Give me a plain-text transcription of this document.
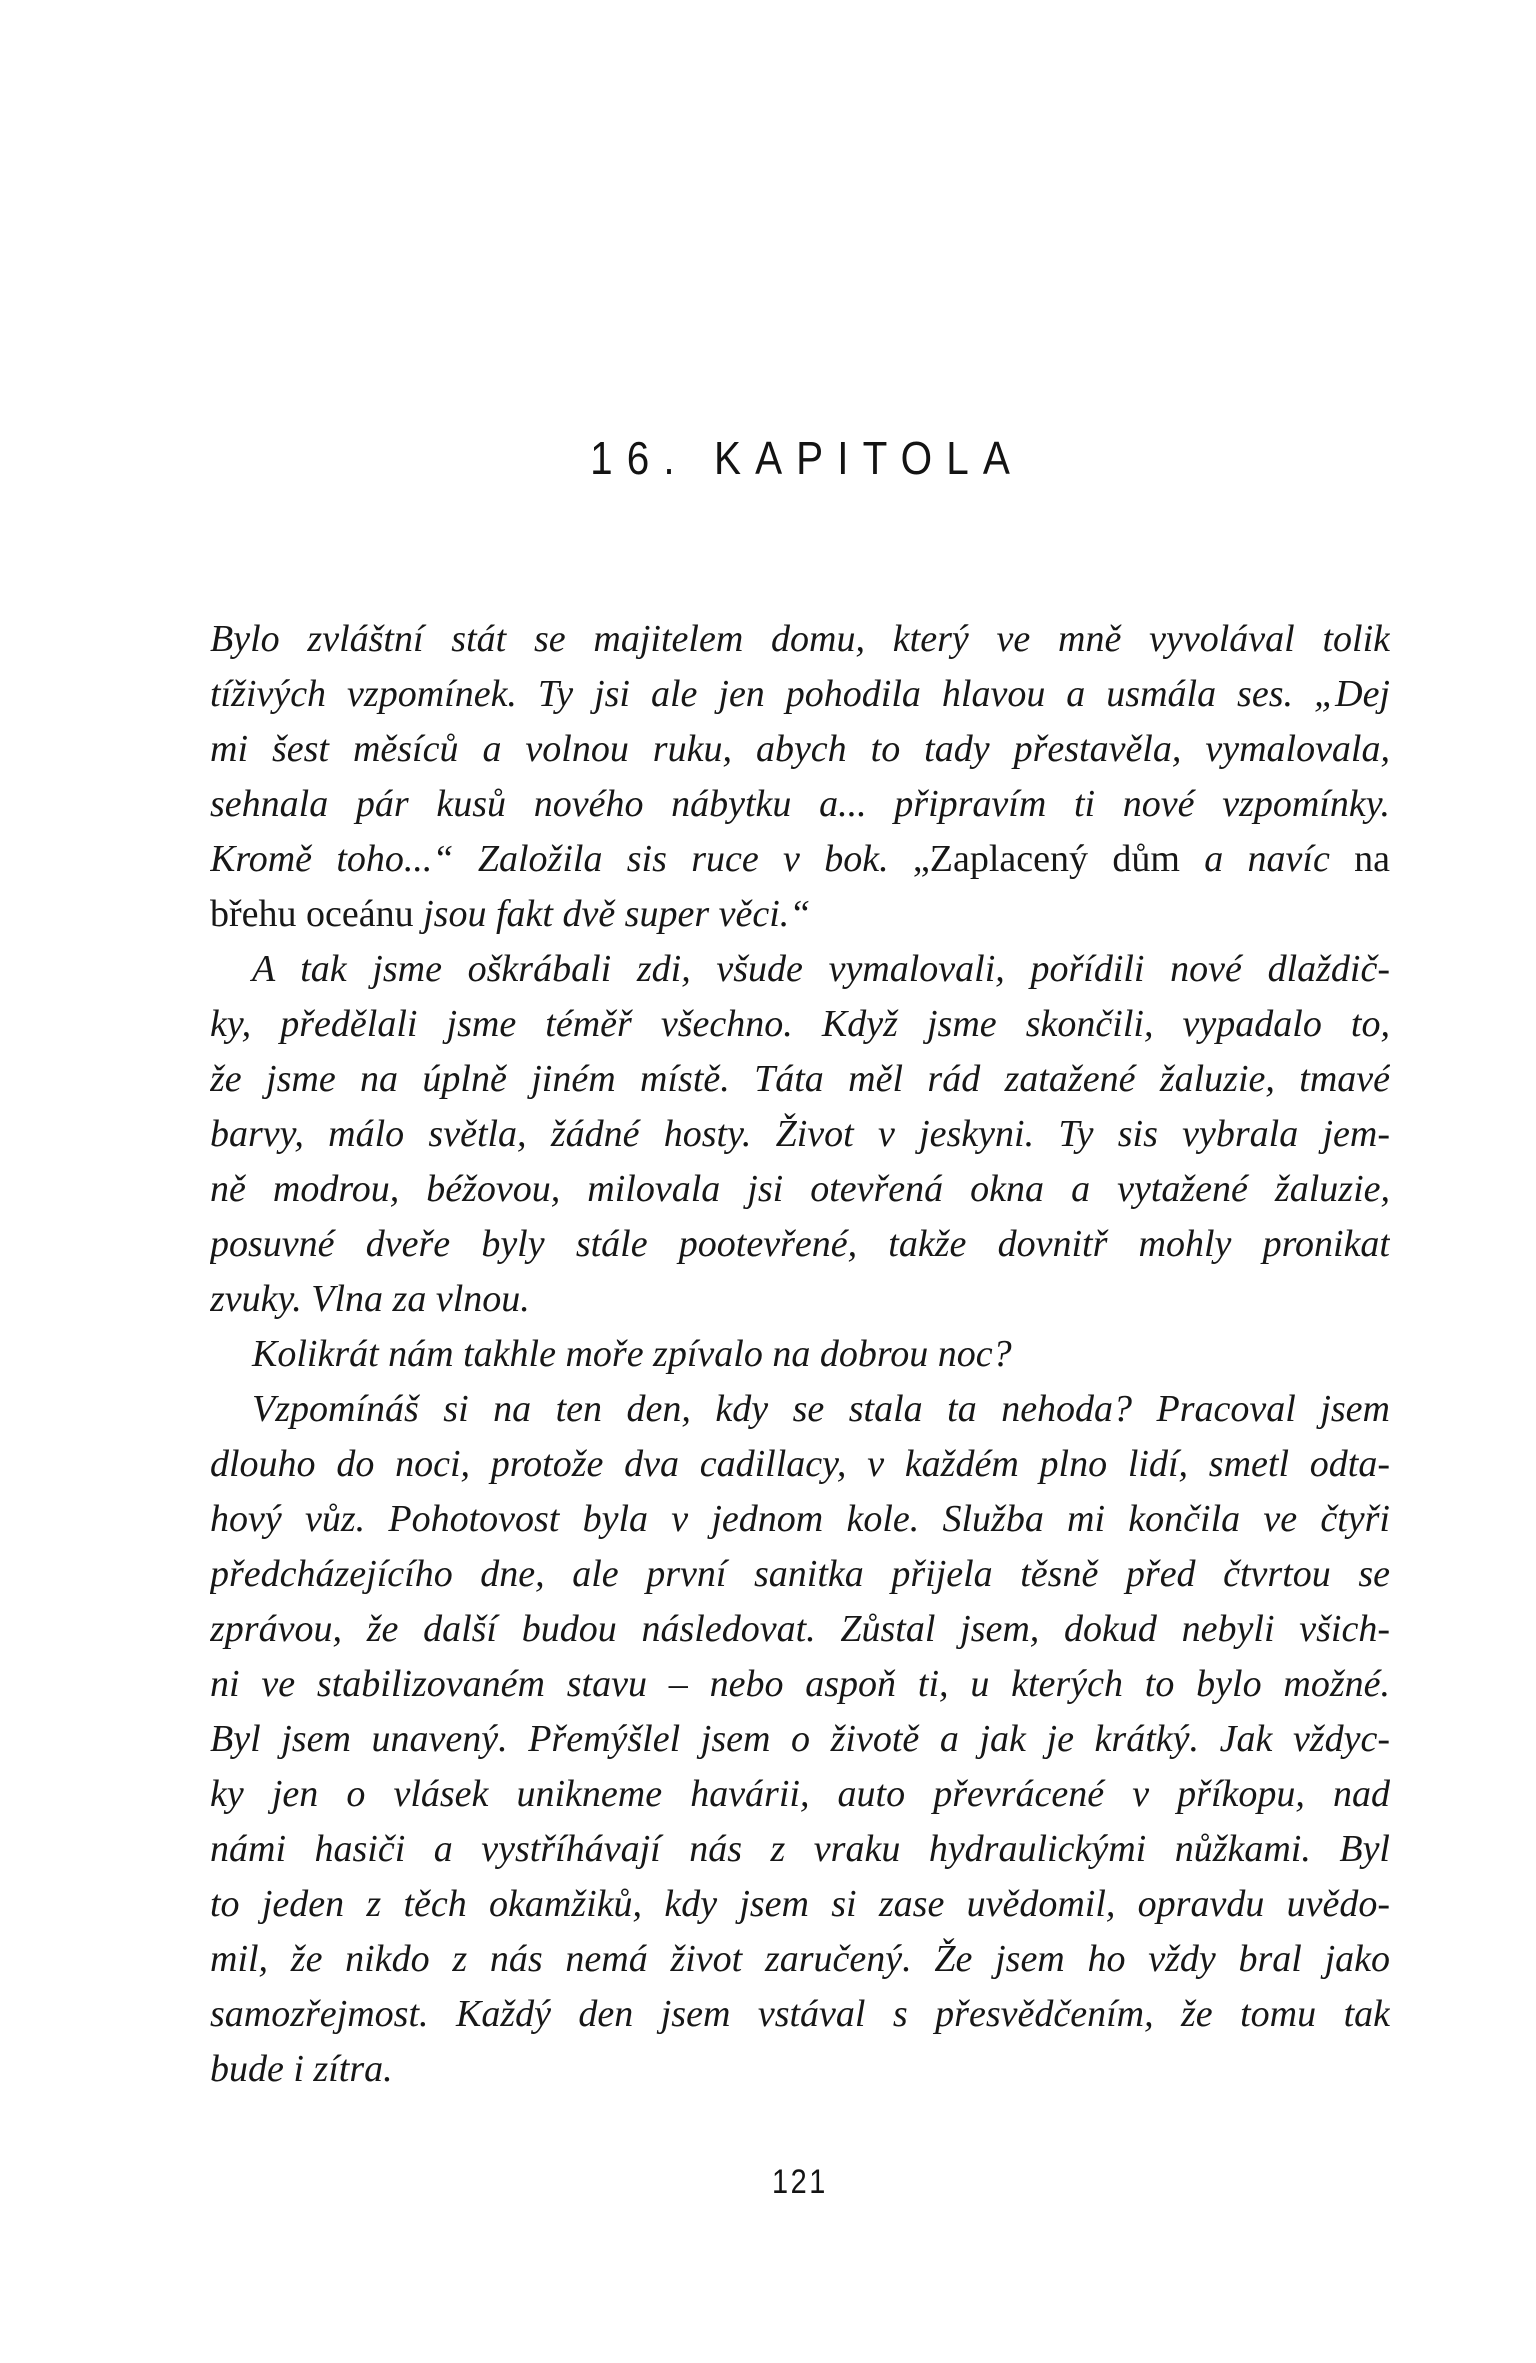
16. KAPITOLA
Bylo zvláštní stát se majitelem domu, který ve mně vyvolával tolik
tíživých vzpomínek. Ty jsi ale jen pohodila hlavou a usmála ses. „Dej
mi šest měsíců a volnou ruku, abych to tady přestavěla, vymalovala,
sehnala pár kusů nového nábytku a... připravím ti nové vzpomínky.
Kromě toho...“ Založila sis ruce v bok. „Zaplacený dům a navíc na
břehu oceánu jsou fakt dvě super věci.“
A tak jsme oškrábali zdi, všude vymalovali, pořídili nové dlaždič-
ky, předělali jsme téměř všechno. Když jsme skončili, vypadalo to,
že jsme na úplně jiném místě. Táta měl rád zatažené žaluzie, tmavé
barvy, málo světla, žádné hosty. Život v jeskyni. Ty sis vybrala jem-
ně modrou, béžovou, milovala jsi otevřená okna a vytažené žaluzie,
posuvné dveře byly stále pootevřené, takže dovnitř mohly pronikat
zvuky. Vlna za vlnou.
Kolikrát nám takhle moře zpívalo na dobrou noc?
Vzpomínáš si na ten den, kdy se stala ta nehoda? Pracoval jsem
dlouho do noci, protože dva cadillacy, v každém plno lidí, smetl odta-
hový vůz. Pohotovost byla v jednom kole. Služba mi končila ve čtyři
předcházejícího dne, ale první sanitka přijela těsně před čtvrtou se
zprávou, že další budou následovat. Zůstal jsem, dokud nebyli všich-
ni ve stabilizovaném stavu – nebo aspoň ti, u kterých to bylo možné.
Byl jsem unavený. Přemýšlel jsem o životě a jak je krátký. Jak vždyc-
ky jen o vlásek unikneme havárii, auto převrácené v příkopu, nad
námi hasiči a vystříhávají nás z vraku hydraulickými nůžkami. Byl
to jeden z těch okamžiků, kdy jsem si zase uvědomil, opravdu uvědo-
mil, že nikdo z nás nemá život zaručený. Že jsem ho vždy bral jako
samozřejmost. Každý den jsem vstával s přesvědčením, že tomu tak
bude i zítra.
121
